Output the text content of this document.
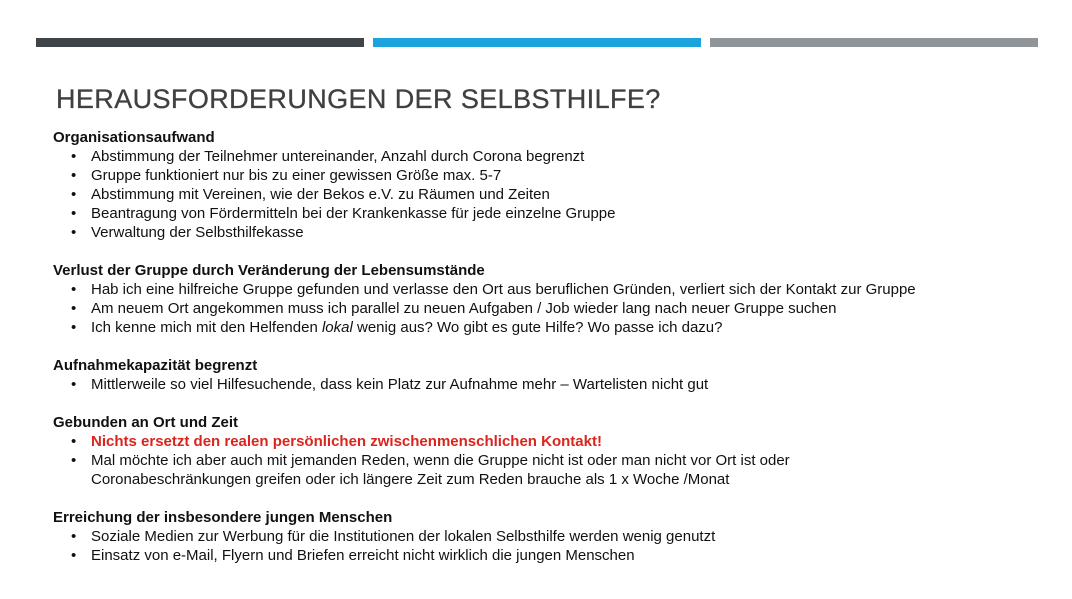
HERAUSFORDERUNGEN DER SELBSTHILFE?

Organisationsaufwand

• Abstimmung der Teilnehmer untereinander, Anzahl durch Corona begrenzt
• Gruppe funktioniert nur bis zu einer gewissen Größe max. 5-7
• Abstimmung mit Vereinen, wie der Bekos e.V. zu Räumen und Zeiten
• Beantragung von Fördermitteln bei der Krankenkasse für jede einzelne Gruppe
• Verwaltung der Selbsthilfekasse

Verlust der Gruppe durch Veränderung der Lebensumstände

• Hab ich eine hilfreiche Gruppe gefunden und verlasse den Ort aus beruflichen Gründen, verliert sich der Kontakt zur Gruppe
• Am neuem Ort angekommen muss ich parallel zu neuen Aufgaben / Job wieder lang nach neuer Gruppe suchen
• Ich kenne mich mit den Helfenden lokal wenig aus? Wo gibt es gute Hilfe? Wo passe ich dazu?

Aufnahmekapazität begrenzt

• Mittlerweile so viel Hilfesuchende, dass kein Platz zur Aufnahme mehr – Wartelisten nicht gut

Gebunden an Ort und Zeit

• Nichts ersetzt den realen persönlichen zwischenmenschlichen Kontakt!
• Mal möchte ich aber auch mit jemanden Reden, wenn die Gruppe nicht ist oder man nicht vor Ort ist oder Coronabeschränkungen greifen oder ich längere Zeit zum Reden brauche als 1 x Woche /Monat

Erreichung der insbesondere jungen Menschen

• Soziale Medien zur Werbung für die Institutionen der lokalen Selbsthilfe werden wenig genutzt
• Einsatz von e-Mail, Flyern und Briefen erreicht nicht wirklich die jungen Menschen
